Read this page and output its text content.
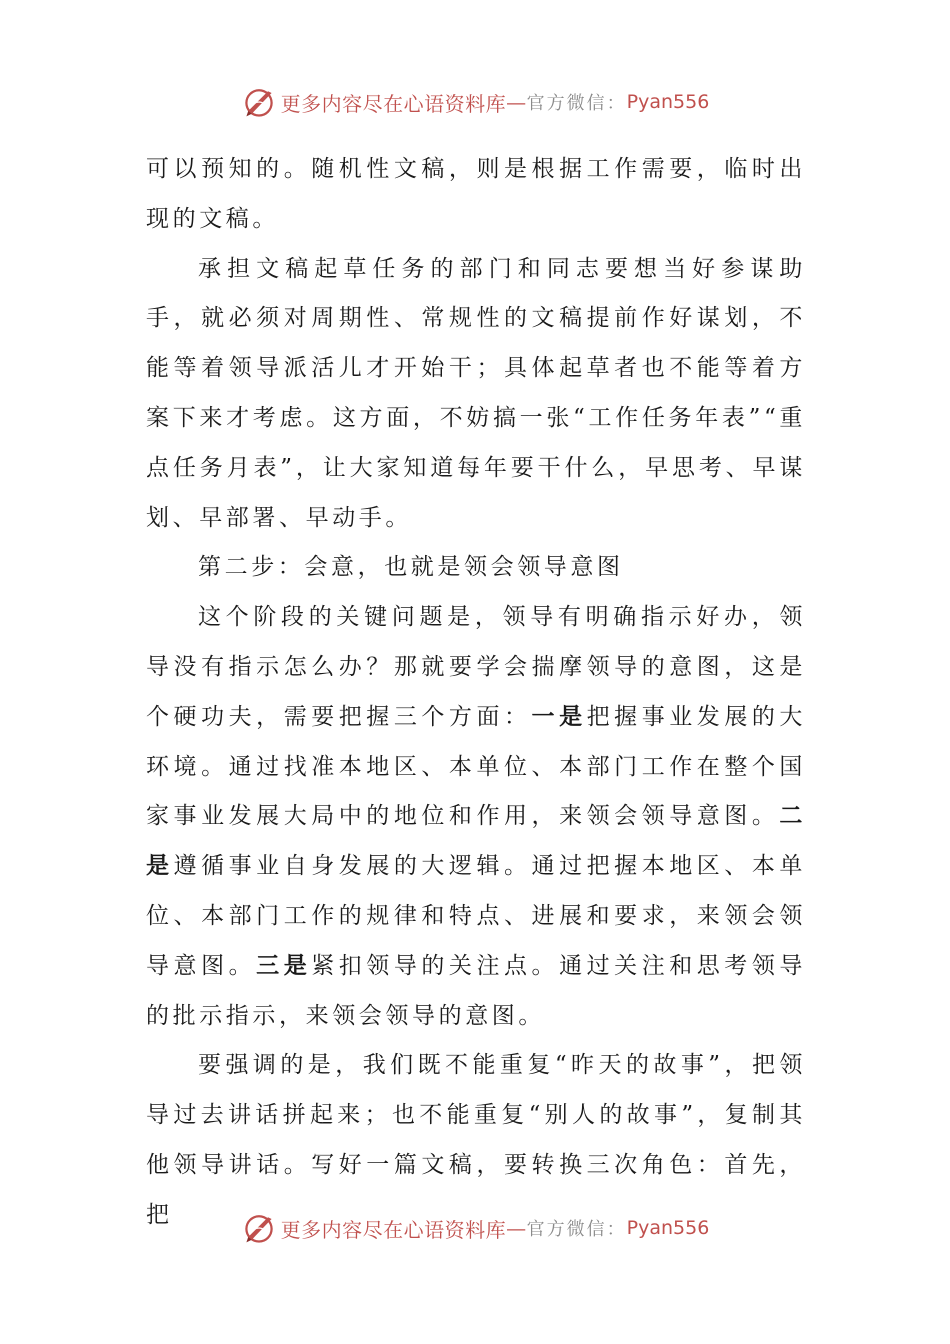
更多内容尽在心语资料库 — 官方微信： Pyan556

可以预知的。随机性文稿，则是根据工作需要，临时出现的文稿。

承担文稿起草任务的部门和同志要想当好参谋助手，就必须对周期性、常规性的文稿提前作好谋划，不能等着领导派活儿才开始干；具体起草者也不能等着方案下来才考虑。这方面，不妨搞一张“工作任务年表”“重点任务月表”，让大家知道每年要干什么，早思考、早谋划、早部署、早动手。

第二步：会意，也就是领会领导意图

这个阶段的关键问题是，领导有明确指示好办，领导没有指示怎么办？那就要学会揣摩领导的意图，这是个硬功夫，需要把握三个方面：一是把握事业发展的大环境。通过找准本地区、本单位、本部门工作在整个国家事业发展大局中的地位和作用，来领会领导意图。二是遵循事业自身发展的大逻辑。通过把握本地区、本单位、本部门工作的规律和特点、进展和要求，来领会领导意图。三是紧扣领导的关注点。通过关注和思考领导的批示指示，来领会领导的意图。

要强调的是，我们既不能重复“昨天的故事”，把领导过去讲话拼起来；也不能重复“别人的故事”，复制其他领导讲话。写好一篇文稿，要转换三次角色：首先，把

更多内容尽在心语资料库 — 官方微信： Pyan556
